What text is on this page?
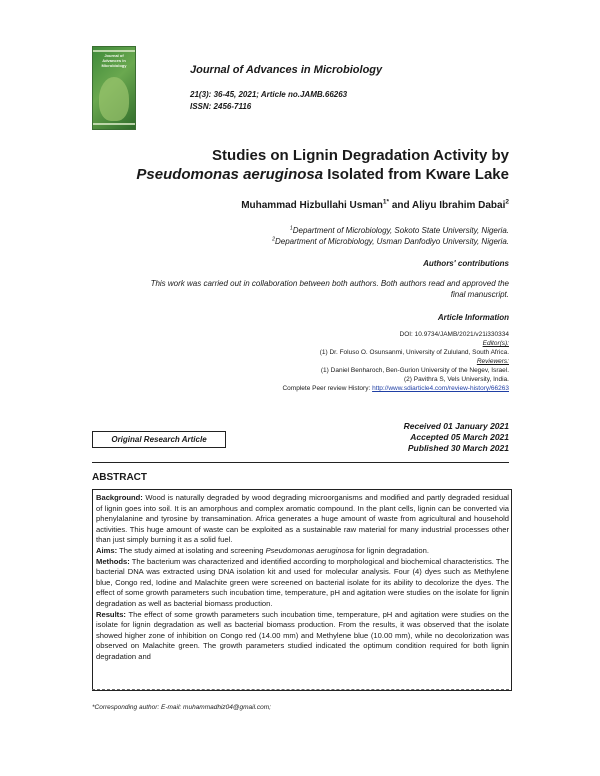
Journal of Advances in Microbiology	Journal of Advances in Microbiology
21(3): 36-45, 2021; Article no.JAMB.66263
ISSN: 2456-7116
Studies on Lignin Degradation Activity by
Pseudomonas aeruginosa Isolated from Kware Lake
Muhammad Hizbullahi Usman$^{1*}$ and Aliyu Ibrahim Dabai$^2$
$^1$Department of Microbiology, Sokoto State University, Nigeria.
$^2$Department of Microbiology, Usman Danfodiyo University, Nigeria.
Authors' contributions
This work was carried out in collaboration between both authors. Both authors read and approved the
final manuscript.
Article Information
DOI: 10.9734/JAMB/2021/v21i330334
Editor(s):
(1) Dr. Foluso O. Osunsanmi, University of Zululand, South Africa.
Reviewers:
(1) Daniel Benharoch, Ben-Gurion University of the Negev, Israel.
(2) Pavithra S, Vels University, India.
Complete Peer review History: http://www.sdiarticle4.com/review-history/66263
Original Research Article
Received 01 January 2021
Accepted 05 March 2021
Published 30 March 2021
ABSTRACT

Background: Wood is naturally degraded by wood degrading microorganisms and modified and partly degraded residual of lignin goes into soil. It is an amorphous and complex aromatic compound. In the plant cells, lignin can be converted via phenylalanine and tyrosine by transamination. Africa generates a huge amount of waste from agricultural and household activities. This huge amount of waste can be exploited as a sustainable raw material for many industrial processes other than just simply burning it as a solid fuel.

Aims: The study aimed at isolating and screening Pseudomonas aeruginosa for lignin degradation.

Methods: The bacterium was characterized and identified according to morphological and biochemical characteristics. The bacterial DNA was extracted using DNA isolation kit and used for molecular analysis. Four (4) dyes such as Methylene blue, Congo red, Iodine and Malachite green were screened on bacterial isolate for its ability to decolorize the dyes. The effect of some growth parameters such incubation time, temperature, pH and agitation were studies on the isolate for lignin degradation as well as bacterial biomass production.

Results: The effect of some growth parameters such incubation time, temperature, pH and agitation were studies on the isolate for lignin degradation as well as bacterial biomass production. From the results, it was observed that the isolate showed higher zone of inhibition on Congo red (14.00 mm) and Methylene blue (10.00 mm), while no decolorization was observed on Malachite green. The growth parameters studied indicated the optimum condition required for both lignin degradation and

*Corresponding author: E-mail: muhammadhiz04@gmail.com;
